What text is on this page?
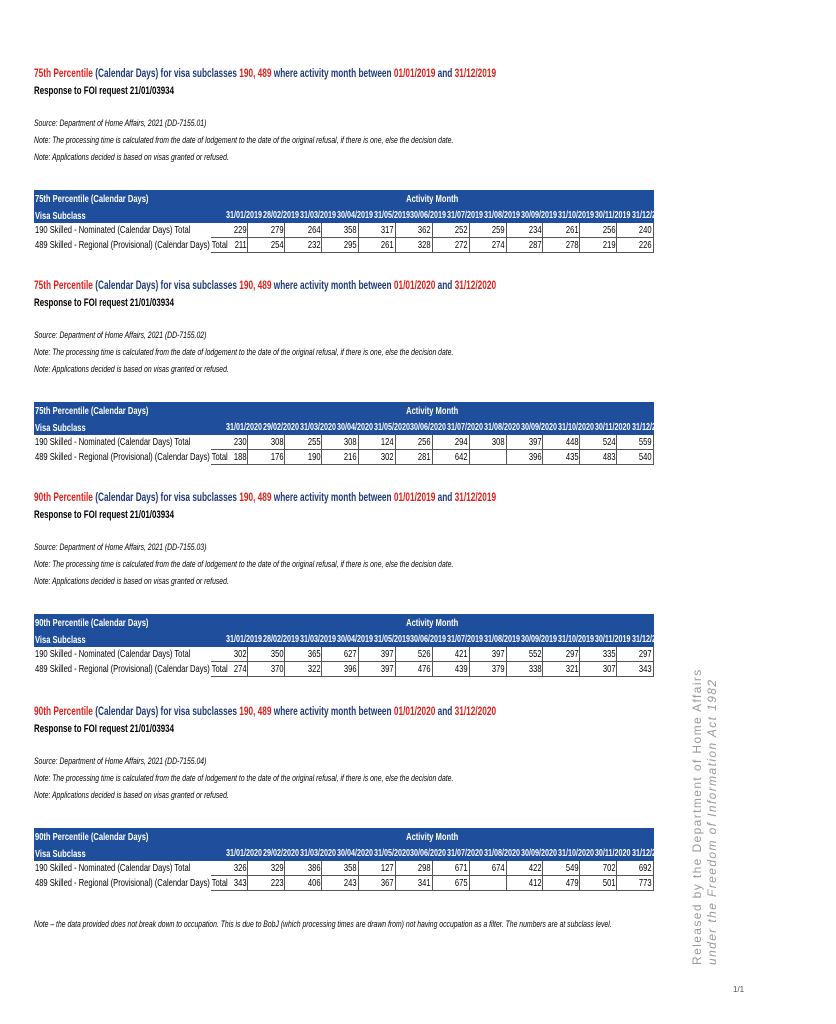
75th Percentile (Calendar Days) for visa subclasses 190, 489 where activity month between 01/01/2019 and 31/12/2019
Response to FOI request 21/01/03934
Source: Department of Home Affairs, 2021 (DD-7155.01)
Note: The processing time is calculated from the date of lodgement to the date of the original refusal, if there is one, else the decision date.
Note: Applications decided is based on visas granted or refused.
75th Percentile (Calendar Days)	Activity Month											
Visa Subclass	31/01/2019	28/02/2019	31/03/2019	30/04/2019	31/05/2019	30/06/2019	31/07/2019	31/08/2019	30/09/2019	31/10/2019	30/11/2019	31/12/2019
190 Skilled - Nominated (Calendar Days) Total	229	279	264	358	317	362	252	259	234	261	256	240
489 Skilled - Regional (Provisional) (Calendar Days) Total	211	254	232	295	261	328	272	274	287	278	219	226
75th Percentile (Calendar Days) for visa subclasses 190, 489 where activity month between 01/01/2020 and 31/12/2020
Response to FOI request 21/01/03934
Source: Department of Home Affairs, 2021 (DD-7155.02)
Note: The processing time is calculated from the date of lodgement to the date of the original refusal, if there is one, else the decision date.
Note: Applications decided is based on visas granted or refused.
75th Percentile (Calendar Days)	Activity Month											
Visa Subclass	31/01/2020	29/02/2020	31/03/2020	30/04/2020	31/05/2020	30/06/2020	31/07/2020	31/08/2020	30/09/2020	31/10/2020	30/11/2020	31/12/2020
190 Skilled - Nominated (Calendar Days) Total	230	308	255	308	124	256	294	308	397	448	524	559
489 Skilled - Regional (Provisional) (Calendar Days) Total	188	176	190	216	302	281	642		396	435	483	540
90th Percentile (Calendar Days) for visa subclasses 190, 489 where activity month between 01/01/2019 and 31/12/2019
Response to FOI request 21/01/03934
Source: Department of Home Affairs, 2021 (DD-7155.03)
Note: The processing time is calculated from the date of lodgement to the date of the original refusal, if there is one, else the decision date.
Note: Applications decided is based on visas granted or refused.
90th Percentile (Calendar Days)	Activity Month											
Visa Subclass	31/01/2019	28/02/2019	31/03/2019	30/04/2019	31/05/2019	30/06/2019	31/07/2019	31/08/2019	30/09/2019	31/10/2019	30/11/2019	31/12/2019
190 Skilled - Nominated (Calendar Days) Total	302	350	365	627	397	526	421	397	552	297	335	297
489 Skilled - Regional (Provisional) (Calendar Days) Total	274	370	322	396	397	476	439	379	338	321	307	343
90th Percentile (Calendar Days) for visa subclasses 190, 489 where activity month between 01/01/2020 and 31/12/2020
Response to FOI request 21/01/03934
Source: Department of Home Affairs, 2021 (DD-7155.04)
Note: The processing time is calculated from the date of lodgement to the date of the original refusal, if there is one, else the decision date.
Note: Applications decided is based on visas granted or refused.
90th Percentile (Calendar Days)	Activity Month											
Visa Subclass	31/01/2020	29/02/2020	31/03/2020	30/04/2020	31/05/2020	30/06/2020	31/07/2020	31/08/2020	30/09/2020	31/10/2020	30/11/2020	31/12/2020
190 Skilled - Nominated (Calendar Days) Total	326	329	386	358	127	298	671	674	422	549	702	692
489 Skilled - Regional (Provisional) (Calendar Days) Total	343	223	406	243	367	341	675		412	479	501	773
Note – the data provided does not break down to occupation. This is due to BobJ (which processing times are drawn from) not having occupation as a filter. The numbers are at subclass level.	Released by the Department of Home Affairs under the Freedom of Information Act 1982
1/1
